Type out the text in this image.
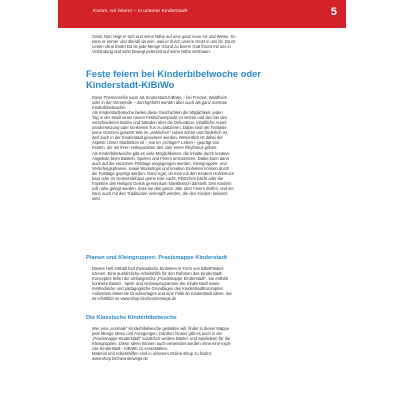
Komm, wir feiern! – In unserer Kinderstadt	5

Geist. Nun zeigt er sich und seine Nähe auf eine ganz neue Art und Weise. So

kann er immer und überall da sein, weil er durch unsere Geist in uns ist. Da ist

Leben ohne Ende! Da ist jede Menge Grund zu feiern! Gott thront mit uns in

Verbindung und wirkt bewegt jederzeit auf seine Nähe vertrauen.

Feste feiern bei Kinderbibelwoche oder
Kinderstadt-KiBiWo

Diese Themenreihe kann als Kinderstadt-KiBiWo – bei Freizeit, Waldheim

oder in der Gemeinde – durchgeführt werden aber auch als ganz normale

Kinderbibelwoche.

Als Kinderstadt-Woche bieten diese Geschichten die Möglichkeit, jeden

Tag in der Stadt einen neuen Festschwerpunkt zu setzen und den bei den

verschiedenen Buden und Ständen über die Dekoration, inhaltliche Ausei-

nandersetzung oder konkretes Tun zu platzieren. Dabei sind der Fantasie

keine Grenzen gesetzt! Wie im „wirklichen“ Leben schön und förderlich ist,

darf auch in der Kinderstadt genossen werden. Wesentlich ist dabei der

Aspekt: Unser Stadtleben ist – wie im „richtigen“ Leben – geprägt von

Festen, die mit ihren Höhepunkten den Jahr einen Rhythmus geben.

Als Kinderbibelwoche gibt es viele Möglichkeiten, die Inhalte durch kreative

Angebote beim Basteln, Spielen und Feiern umzusetzen. Dabei kann dann

auch auf die einzelnen Festtage eingegangen werden. Kleingruppen- und

Vertiefungsphasen, sowie Workshops und kreative Einheiten können durch

die Festtage geprägt werden. Ganz egal, ob man mit den Kindern Holzkreuze

baut oder im Gemeindehaus gerne Eier sucht; Plätzchen bäckt oder die

Facetten des Heiligen Geists gemeinsam künstlerisch darstellt: Den Kindern

soll nahe gelegt werden, dass sie das ganze Jahr über Feiern dürfen, und sie

kann auch mit den Traditionen verknüpft werden, die den Kindern bekannt

sind.

Planen und Kleingruppen: Praxismappe Kinderstadt

Dieses Heft enthält fünf thematische Einheiten in Form von Bibeltheater-

szenen. Eine ausführliche Arbeitshilfe für den Rahmen des Kinderstadt-

Konzeptes liefert die umfangreiche „Praxismappe Kinderstadt“. Sie enthält

konkrete Bastel-, Spiel- und Aktionsprogramme der Kinderstadt sowie

methodische und pädagogische Grundlagen des KinderstadtKonzeptes.

Außerdem bietet sie Druckvorlagen und eine Fülle an Kinderstadt Ideen. Sie

ist erhältlich im www.shop kircheunterwegs.de

Die Klassische Kinderbibelwoche

Wer eine „normale“ Kinderbibelwoche gestalten will, findet in dieser Mappe

jede Menge Ideen und Anregungen. Darüber hinaus gibt es auch in der

„Praxismappe Kinderstadt“ zusätzlich weitere Bastel- und Spielideen für die

Kleingruppen. Diese Ideen können auch verwendet werden ohne eine expli-

zite Kinderstadt - KiBiWo zu veranstalten.

Material und Arbeitshilfen sind in unserem Online-Shop zu finden:

www.shop kircheunterwegs.de
